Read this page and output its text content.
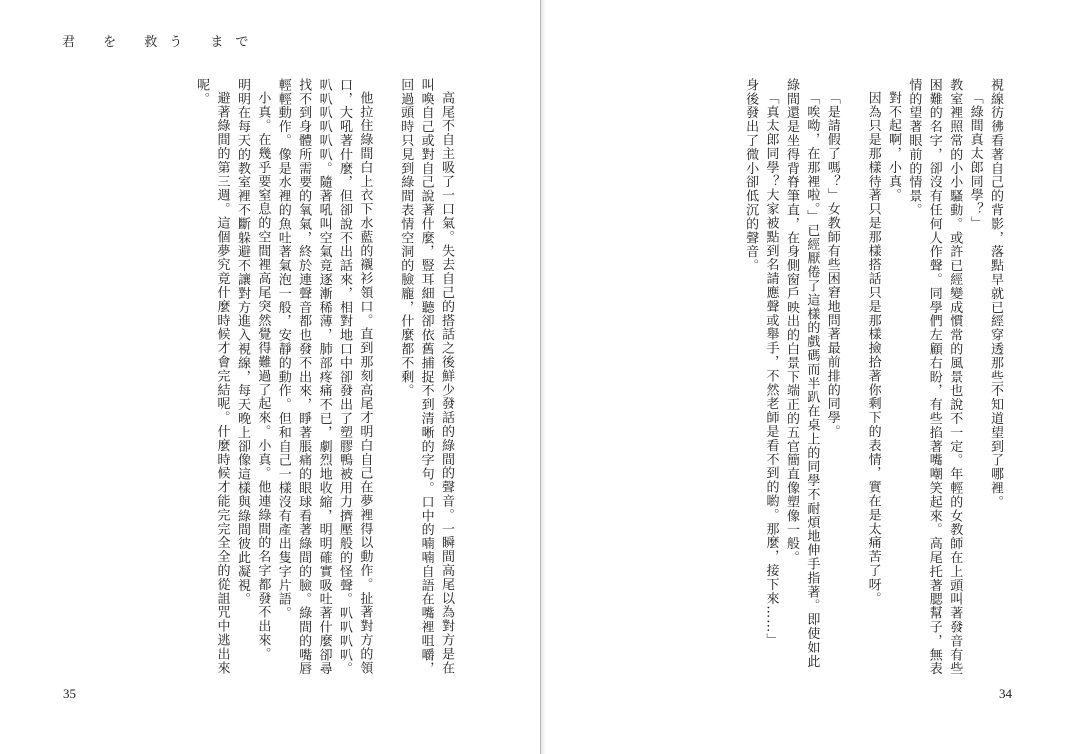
君 を 救う まで

高尾不自主吸了一口氣。失去自己的搭話之後鮮少發話的綠間的聲音。一瞬間高尾以為對方是在叫喚自己或對自己說著什麼，豎耳細聽卻依舊捕捉不到清晰的字句。口中的喃喃自語在嘴裡咀嚼，回過頭時只見到綠間表情空洞的臉龐，什麼都不剩。

他拉住綠間白上衣下水藍的襯衫領口。直到那刻高尾才明白自己在夢裡得以動作。扯著對方的領口，大吼著什麼，但卻說不出話來，相對地口中卻發出了塑膠鴨被用力擠壓般的怪聲。叭叭叭叭。叭叭叭叭叭叭。隨著吼叫空氣竟逐漸稀薄，肺部疼痛不已，劇烈地收縮，明明確實吸吐著什麼卻尋找不到身體所需要的氧氣，終於連聲音都也發不出來，睜著脹痛的眼球看著綠間的臉。綠間的嘴唇輕輕動作。像是水裡的魚吐著氣泡一般，安靜的動作。但和自己一樣沒有產出隻字片語。

小真。在幾乎要窒息的空間裡高尾突然覺得難過了起來。小真。他連綠間的名字都發不出來。

明明在每天的教室裡不斷躲避不讓對方進入視線，每天晚上卻像這樣與綠間彼此凝視。

避著綠間的第三週。這個夢究竟什麼時候才會完結呢。什麼時候才能完完全全的從詛咒中逃出來呢。

35

視線彷彿看著自己的背影，落點早就已經穿透那些不知道望到了哪裡。

「綠間真太郎同學？」

教室裡照常的小小騷動。或許已經變成慣常的風景也說不一定。年輕的女教師在上頭叫著發音有些困難的名字，卻沒有任何人作聲。同學們左顧右盼，有些掐著嘴嘲笑起來。高尾托著腮幫子，無表情的望著眼前的情景。

對不起啊，小真。

因為只是那樣待著只是那樣搭話只是那樣撿拾著你剩下的表情，實在是太痛苦了呀。

「是請假了嗎？」女教師有些困窘地問著最前排的同學。

「唉呦，在那裡啦。」已經厭倦了這樣的戲碼而半趴在桌上的同學不耐煩地伸手指著。即使如此綠間還是坐得背脊筆直，在身側窗戶映出的白景下端正的五官簡直像塑像一般。

「真太郎同學？大家被點到名請應聲或舉手，不然老師是看不到的喲。那麼，接下來……」

身後發出了微小卻低沉的聲音。

34
